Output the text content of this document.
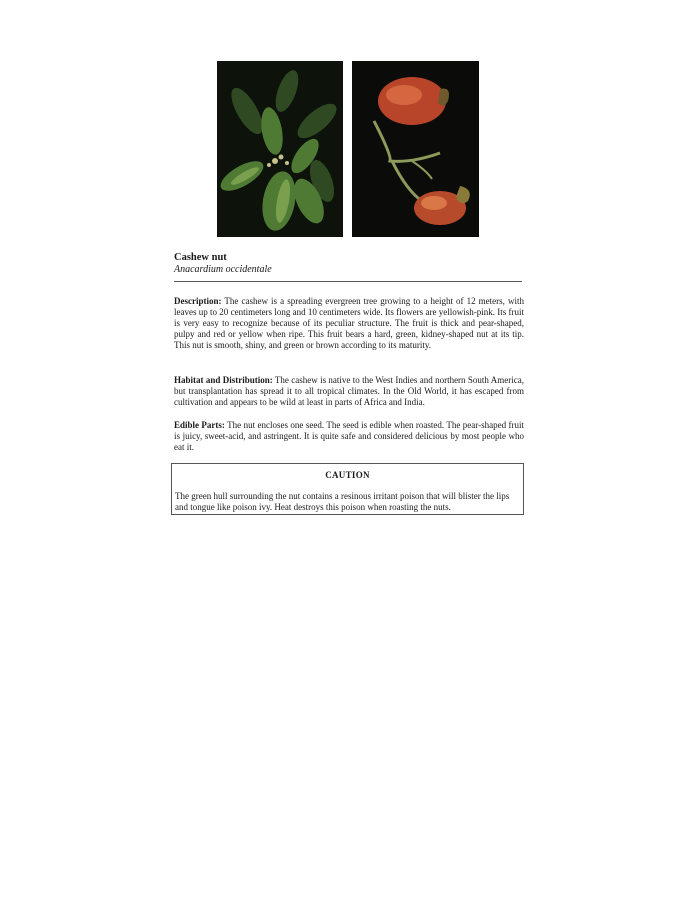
Cashew nut
Anacardium occidentale
Description: The cashew is a spreading evergreen tree growing to a height of 12 meters, with leaves up to 20 centimeters long and 10 centimeters wide. Its flowers are yellowish-pink. Its fruit is very easy to recognize because of its peculiar structure. The fruit is thick and pear-shaped, pulpy and red or yellow when ripe. This fruit bears a hard, green, kidney-shaped nut at its tip. This nut is smooth, shiny, and green or brown according to its maturity.
Habitat and Distribution: The cashew is native to the West Indies and northern South America, but transplantation has spread it to all tropical climates. In the Old World, it has escaped from cultivation and appears to be wild at least in parts of Africa and India.
Edible Parts: The nut encloses one seed. The seed is edible when roasted. The pear-shaped fruit is juicy, sweet-acid, and astringent. It is quite safe and considered delicious by most people who eat it.
CAUTION
The green hull surrounding the nut contains a resinous irritant poison that will blister the lips and tongue like poison ivy. Heat destroys this poison when roasting the nuts.
